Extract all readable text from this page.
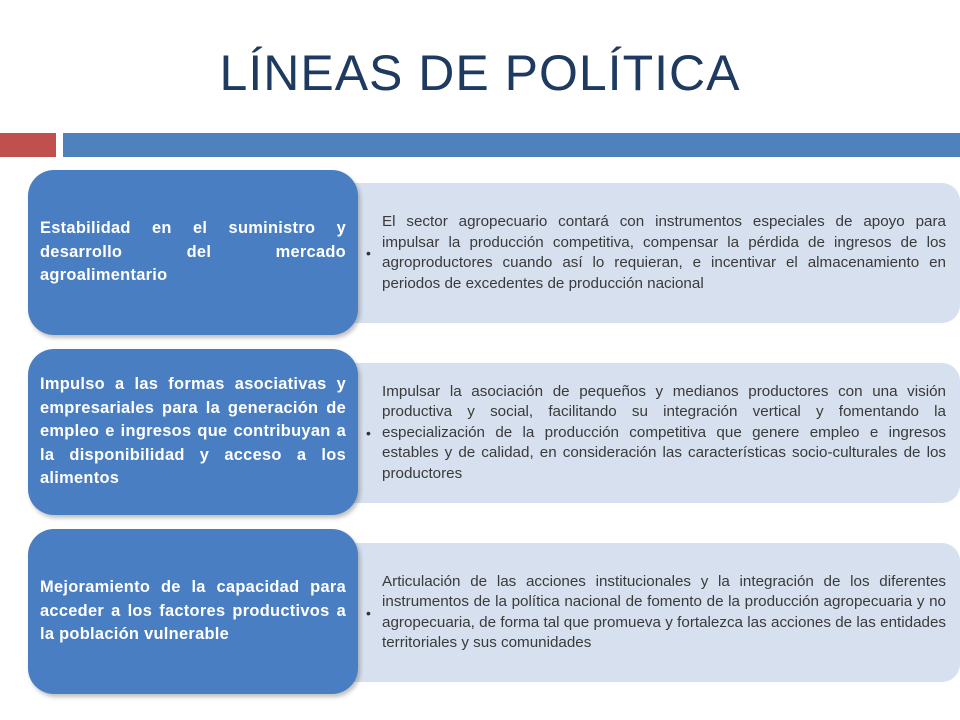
LÍNEAS DE POLÍTICA
•
El sector agropecuario contará con instrumentos especiales de apoyo para impulsar la producción competitiva, compensar la pérdida de ingresos de los agroproductores cuando así lo requieran, e incentivar el almacenamiento en periodos de excedentes de producción nacional
Estabilidad en el suministro y desarrollo del mercado agroalimentario
•
Impulsar la asociación de pequeños y medianos productores con una visión productiva y social, facilitando su integración vertical y fomentando la especialización de la producción competitiva que genere empleo e ingresos estables y de calidad, en consideración las características socio-culturales de los productores
Impulso a las formas asociativas y empresariales para la generación de empleo e ingresos que contribuyan a la disponibilidad y acceso a los alimentos
•
Articulación de las acciones institucionales y la integración de los diferentes instrumentos de la política nacional de fomento de la producción agropecuaria y no agropecuaria, de forma tal que promueva y fortalezca las acciones de las entidades territoriales y sus comunidades
Mejoramiento de la capacidad para acceder a los factores productivos a la población vulnerable
